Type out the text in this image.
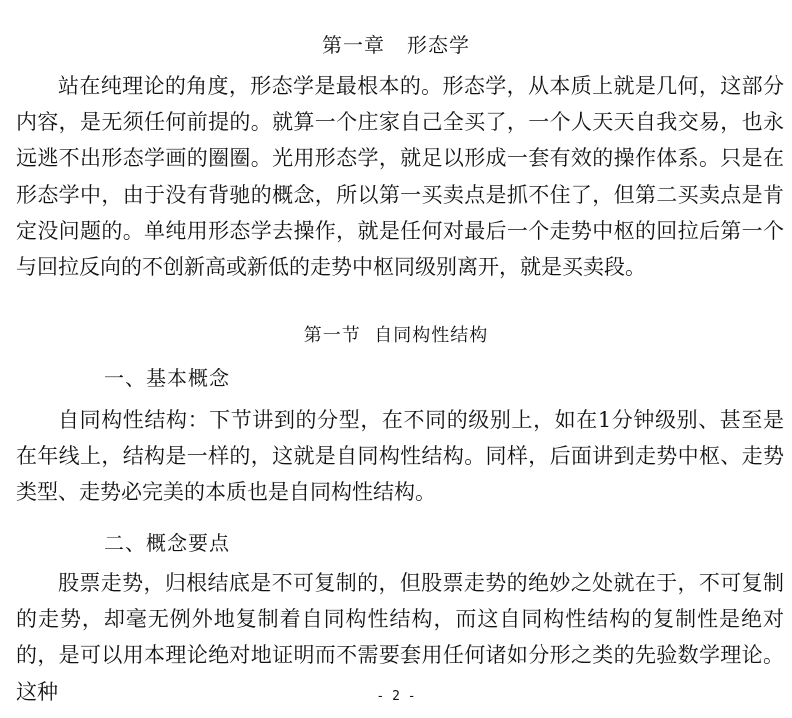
第一章   形态学

站在纯理论的角度，形态学是最根本的。形态学，从本质上就是几何，这部分内容，是无须任何前提的。就算一个庄家自己全买了，一个人天天自我交易，也永远逃不出形态学画的圈圈。光用形态学，就足以形成一套有效的操作体系。只是在形态学中，由于没有背驰的概念，所以第一买卖点是抓不住了，但第二买卖点是肯定没问题的。单纯用形态学去操作，就是任何对最后一个走势中枢的回拉后第一个与回拉反向的不创新高或新低的走势中枢同级别离开，就是买卖段。

第一节  自同构性结构
一、基本概念

自同构性结构：下节讲到的分型，在不同的级别上，如在1分钟级别、甚至是在年线上，结构是一样的，这就是自同构性结构。同样，后面讲到走势中枢、走势类型、走势必完美的本质也是自同构性结构。

二、概念要点

股票走势，归根结底是不可复制的，但股票走势的绝妙之处就在于，不可复制的走势，却毫无例外地复制着自同构性结构，而这自同构性结构的复制性是绝对的，是可以用本理论绝对地证明而不需要套用任何诸如分形之类的先验数学理论。这种	- 2 -
